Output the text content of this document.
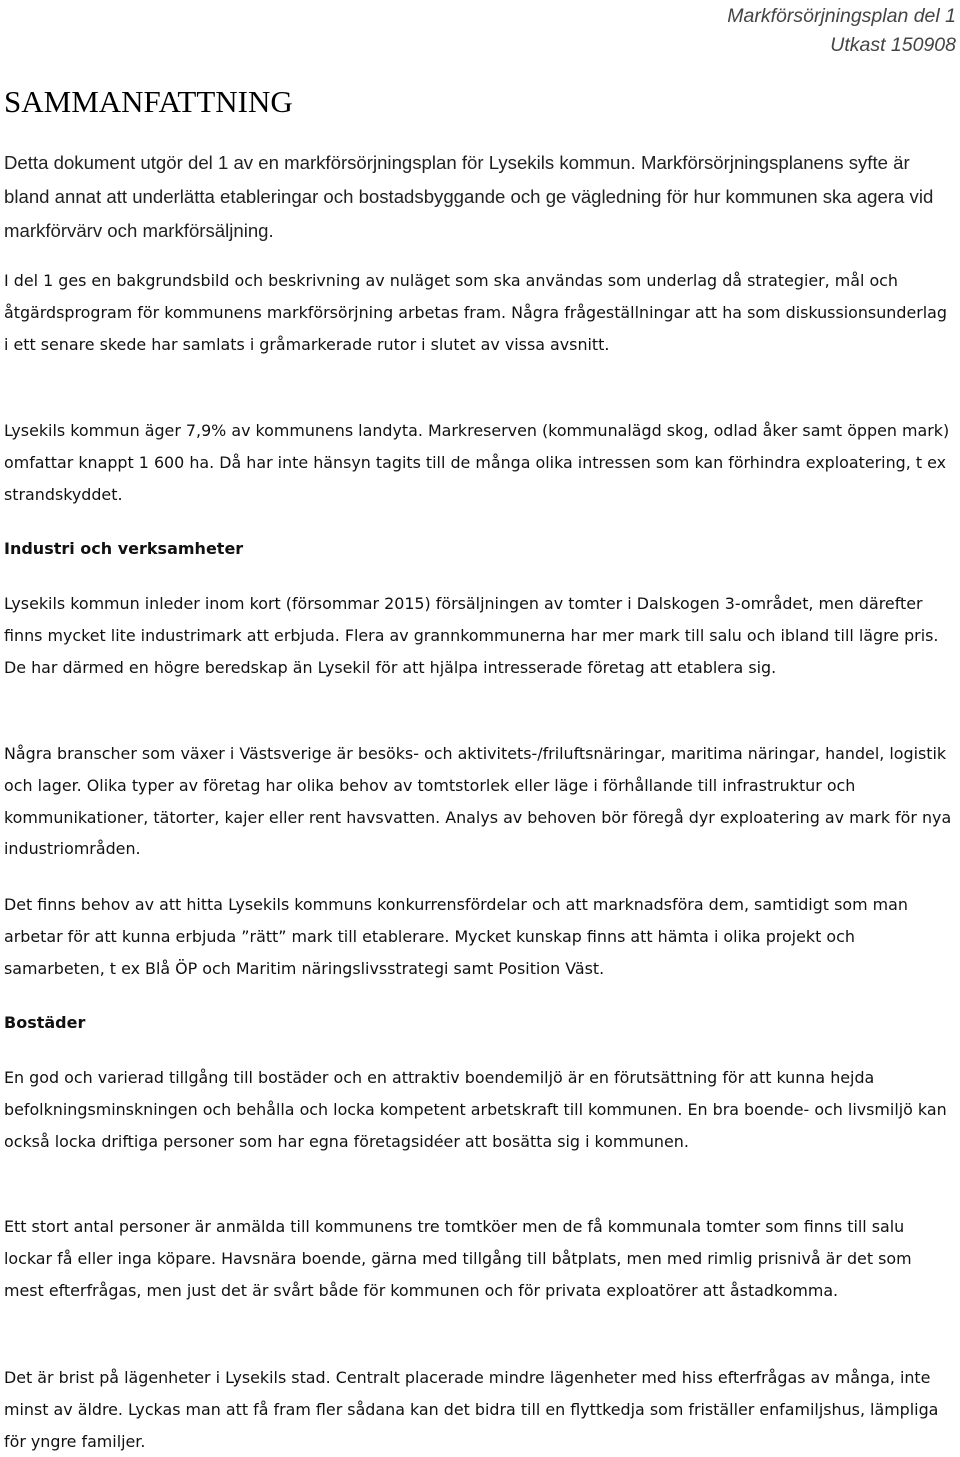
Markförsörjningsplan del 1
Utkast 150908
SAMMANFATTNING

Detta dokument utgör del 1 av en markförsörjningsplan för Lysekils kommun. Markförsörjningsplanens syfte är bland annat att underlätta etableringar och bostadsbyggande och ge vägledning för hur kommunen ska agera vid markförvärv och markförsäljning.

I del 1 ges en bakgrundsbild och beskrivning av nuläget som ska användas som underlag då strategier, mål och åtgärdsprogram för kommunens markförsörjning arbetas fram. Några frågeställningar att ha som diskussionsunderlag i ett senare skede har samlats i gråmarkerade rutor i slutet av vissa avsnitt.

Lysekils kommun äger 7,9% av kommunens landyta. Markreserven (kommunalägd skog, odlad åker samt öppen mark) omfattar knappt 1 600 ha. Då har inte hänsyn tagits till de många olika intressen som kan förhindra exploatering, t ex strandskyddet.

Industri och verksamheter

Lysekils kommun inleder inom kort (försommar 2015) försäljningen av tomter i Dalskogen 3-området, men därefter finns mycket lite industrimark att erbjuda. Flera av grannkommunerna har mer mark till salu och ibland till lägre pris. De har därmed en högre beredskap än Lysekil för att hjälpa intresserade företag att etablera sig.

Några branscher som växer i Västsverige är besöks- och aktivitets-/friluftsnäringar, maritima näringar, handel, logistik och lager. Olika typer av företag har olika behov av tomtstorlek eller läge i förhållande till infrastruktur och kommunikationer, tätorter, kajer eller rent havsvatten. Analys av behoven bör föregå dyr exploatering av mark för nya industriområden.

Det finns behov av att hitta Lysekils kommuns konkurrensfördelar och att marknadsföra dem, samtidigt som man arbetar för att kunna erbjuda ”rätt” mark till etablerare. Mycket kunskap finns att hämta i olika projekt och samarbeten, t ex Blå ÖP och Maritim näringslivsstrategi samt Position Väst.

Bostäder

En god och varierad tillgång till bostäder och en attraktiv boendemiljö är en förutsättning för att kunna hejda befolkningsminskningen och behålla och locka kompetent arbetskraft till kommunen. En bra boende- och livsmiljö kan också locka driftiga personer som har egna företagsidéer att bosätta sig i kommunen.

Ett stort antal personer är anmälda till kommunens tre tomtköer men de få kommunala tomter som finns till salu lockar få eller inga köpare. Havsnära boende, gärna med tillgång till båtplats, men med rimlig prisnivå är det som mest efterfrågas, men just det är svårt både för kommunen och för privata exploatörer att åstadkomma.

Det är brist på lägenheter i Lysekils stad. Centralt placerade mindre lägenheter med hiss efterfrågas av många, inte minst av äldre. Lyckas man att få fram fler sådana kan det bidra till en flyttkedja som friställer enfamiljshus, lämpliga för yngre familjer.
